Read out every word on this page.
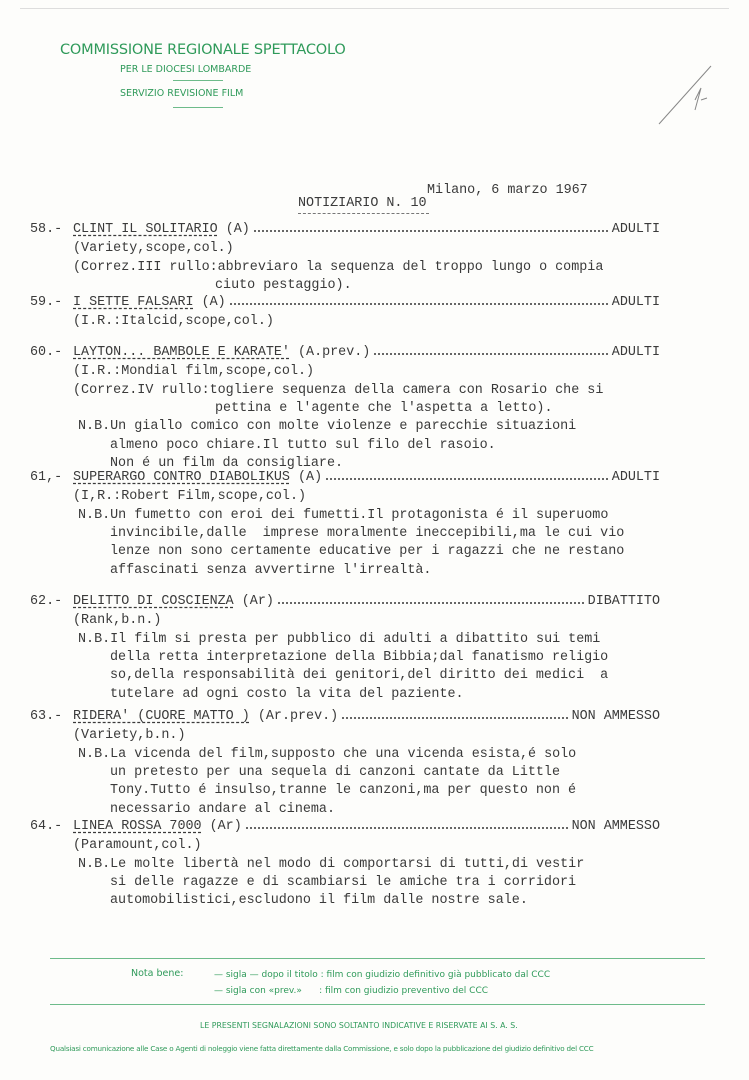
COMMISSIONE REGIONALE SPETTACOLO
PER LE DIOCESI LOMBARDE
SERVIZIO REVISIONE FILM
Milano, 6 marzo 1967
NOTIZIARIO N. 10
58.- CLINT IL SOLITARIO (A)	ADULTI
(Variety,scope,col.)
(Correz.III rullo:abbreviaro la sequenza del troppo lungo o compia
ciuto pestaggio).
59.- I SETTE FALSARI (A)	ADULTI
(I.R.:Italcid,scope,col.)
60.- LAYTON... BAMBOLE E KARATE' (A.prev.)	ADULTI
(I.R.:Mondial film,scope,col.)
(Correz.IV rullo:togliere sequenza della camera con Rosario che si
pettina e l'agente che l'aspetta a letto).
N.B.Un giallo comico con molte violenze e parecchie situazioni
almeno poco chiare.Il tutto sul filo del rasoio.
Non é un film da consigliare.
61,- SUPERARGO CONTRO DIABOLIKUS (A)	ADULTI
(I,R.:Robert Film,scope,col.)
N.B.Un fumetto con eroi dei fumetti.Il protagonista é il superuomo
invincibile,dalle  imprese moralmente ineccepibili,ma le cui vio
lenze non sono certamente educative per i ragazzi che ne restano
affascinati senza avvertirne l'irrealtà.
62.- DELITTO DI COSCIENZA (Ar)	DIBATTITO
(Rank,b.n.)
N.B.Il film si presta per pubblico di adulti a dibattito sui temi
della retta interpretazione della Bibbia;dal fanatismo religio
so,della responsabilità dei genitori,del diritto dei medici  a
tutelare ad ogni costo la vita del paziente.
63.- RIDERA' (CUORE MATTO ) (Ar.prev.)	NON AMMESSO
(Variety,b.n.)
N.B.La vicenda del film,supposto che una vicenda esista,é solo
un pretesto per una sequela di canzoni cantate da Little
Tony.Tutto é insulso,tranne le canzoni,ma per questo non é
necessario andare al cinema.
64.- LINEA ROSSA 7000 (Ar)	NON AMMESSO
(Paramount,col.)
N.B.Le molte libertà nel modo di comportarsi di tutti,di vestir
si delle ragazze e di scambiarsi le amiche tra i corridori
automobilistici,escludono il film dalle nostre sale.
Nota bene:	— sigla — dopo il titolo : film con giudizio definitivo già pubblicato dal CCC
— sigla con «prev.»      : film con giudizio preventivo del CCC
LE PRESENTI SEGNALAZIONI SONO SOLTANTO INDICATIVE E RISERVATE AI S. A. S.
Qualsiasi comunicazione alle Case o Agenti di noleggio viene fatta direttamente dalla Commissione, e solo dopo la pubblicazione del giudizio definitivo del CCC
